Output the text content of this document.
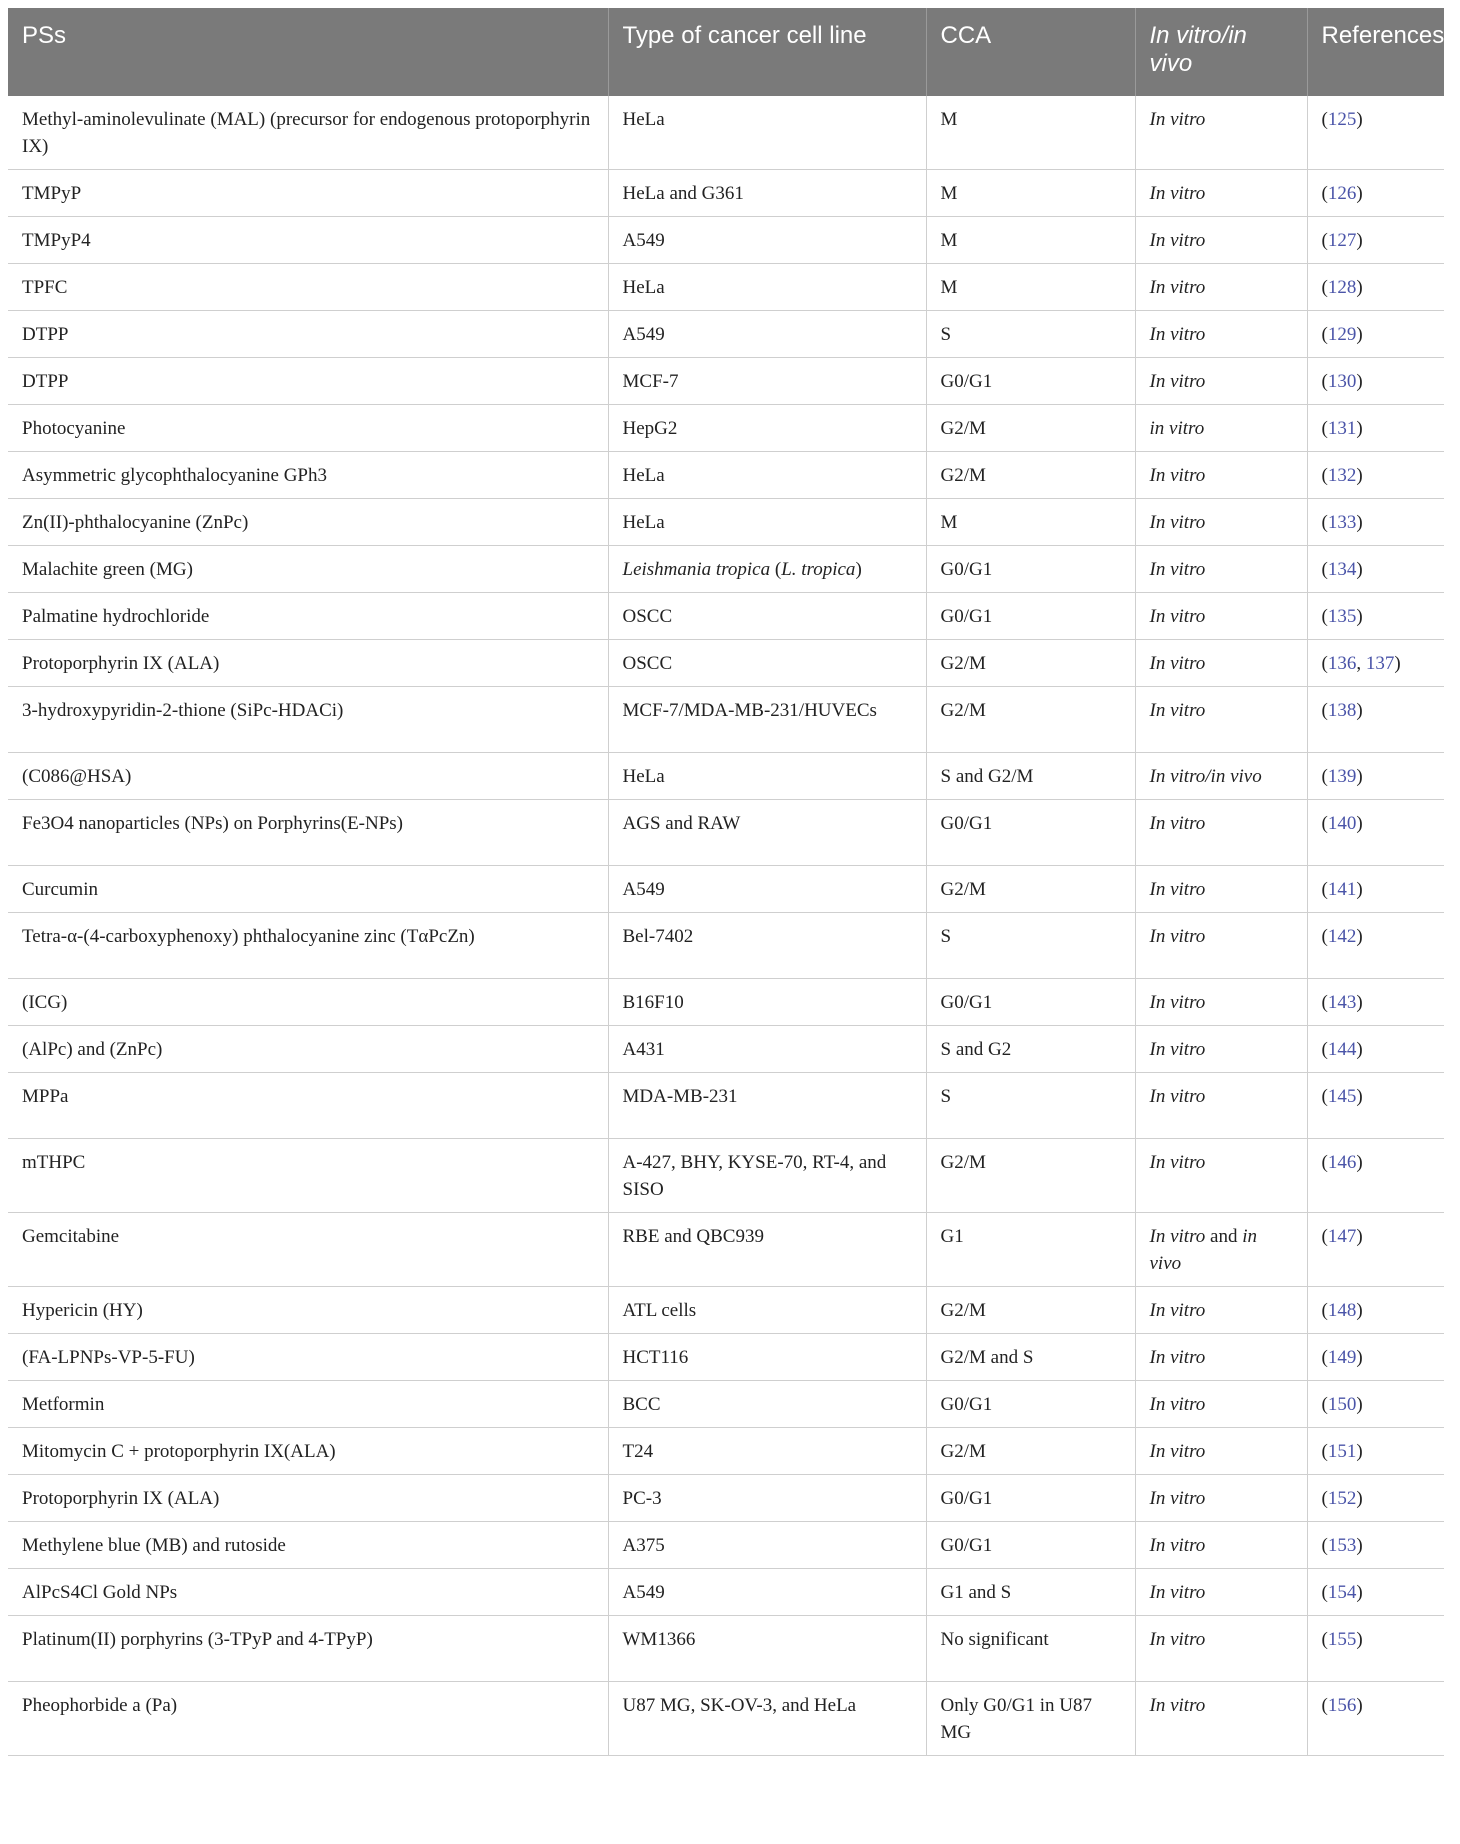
PSs	Type of cancer cell line	CCA	In vitro/in vivo	References
Methyl-aminolevulinate (MAL) (precursor for endogenous protoporphyrin IX)	HeLa	M	In vitro	(125)
TMPyP	HeLa and G361	M	In vitro	(126)
TMPyP4	A549	M	In vitro	(127)
TPFC	HeLa	M	In vitro	(128)
DTPP	A549	S	In vitro	(129)
DTPP	MCF-7	G0/G1	In vitro	(130)
Photocyanine	HepG2	G2/M	in vitro	(131)
Asymmetric glycophthalocyanine GPh3	HeLa	G2/M	In vitro	(132)
Zn(II)-phthalocyanine (ZnPc)	HeLa	M	In vitro	(133)
Malachite green (MG)	Leishmania tropica (L. tropica)	G0/G1	In vitro	(134)
Palmatine hydrochloride	OSCC	G0/G1	In vitro	(135)
Protoporphyrin IX (ALA)	OSCC	G2/M	In vitro	(136, 137)
3-hydroxypyridin-2-thione (SiPc-HDACi)	MCF-7/MDA-MB-231/HUVECs	G2/M	In vitro	(138)
(C086@HSA)	HeLa	S and G2/M	In vitro/in vivo	(139)
Fe3O4 nanoparticles (NPs) on Porphyrins(E-NPs)	AGS and RAW	G0/G1	In vitro	(140)
Curcumin	A549	G2/M	In vitro	(141)
Tetra-α-(4-carboxyphenoxy) phthalocyanine zinc (TαPcZn)	Bel-7402	S	In vitro	(142)
(ICG)	B16F10	G0/G1	In vitro	(143)
(AlPc) and (ZnPc)	A431	S and G2	In vitro	(144)
MPPa	MDA-MB-231	S	In vitro	(145)
mTHPC	A-427, BHY, KYSE-70, RT-4, and SISO	G2/M	In vitro	(146)
Gemcitabine	RBE and QBC939	G1	In vitro and in vivo	(147)
Hypericin (HY)	ATL cells	G2/M	In vitro	(148)
(FA-LPNPs-VP-5-FU)	HCT116	G2/M and S	In vitro	(149)
Metformin	BCC	G0/G1	In vitro	(150)
Mitomycin C + protoporphyrin IX(ALA)	T24	G2/M	In vitro	(151)
Protoporphyrin IX (ALA)	PC-3	G0/G1	In vitro	(152)
Methylene blue (MB) and rutoside	A375	G0/G1	In vitro	(153)
AlPcS4Cl Gold NPs	A549	G1 and S	In vitro	(154)
Platinum(II) porphyrins (3-TPyP and 4-TPyP)	WM1366	No significant	In vitro	(155)
Pheophorbide a (Pa)	U87 MG, SK-OV-3, and HeLa	Only G0/G1 in U87 MG	In vitro	(156)
